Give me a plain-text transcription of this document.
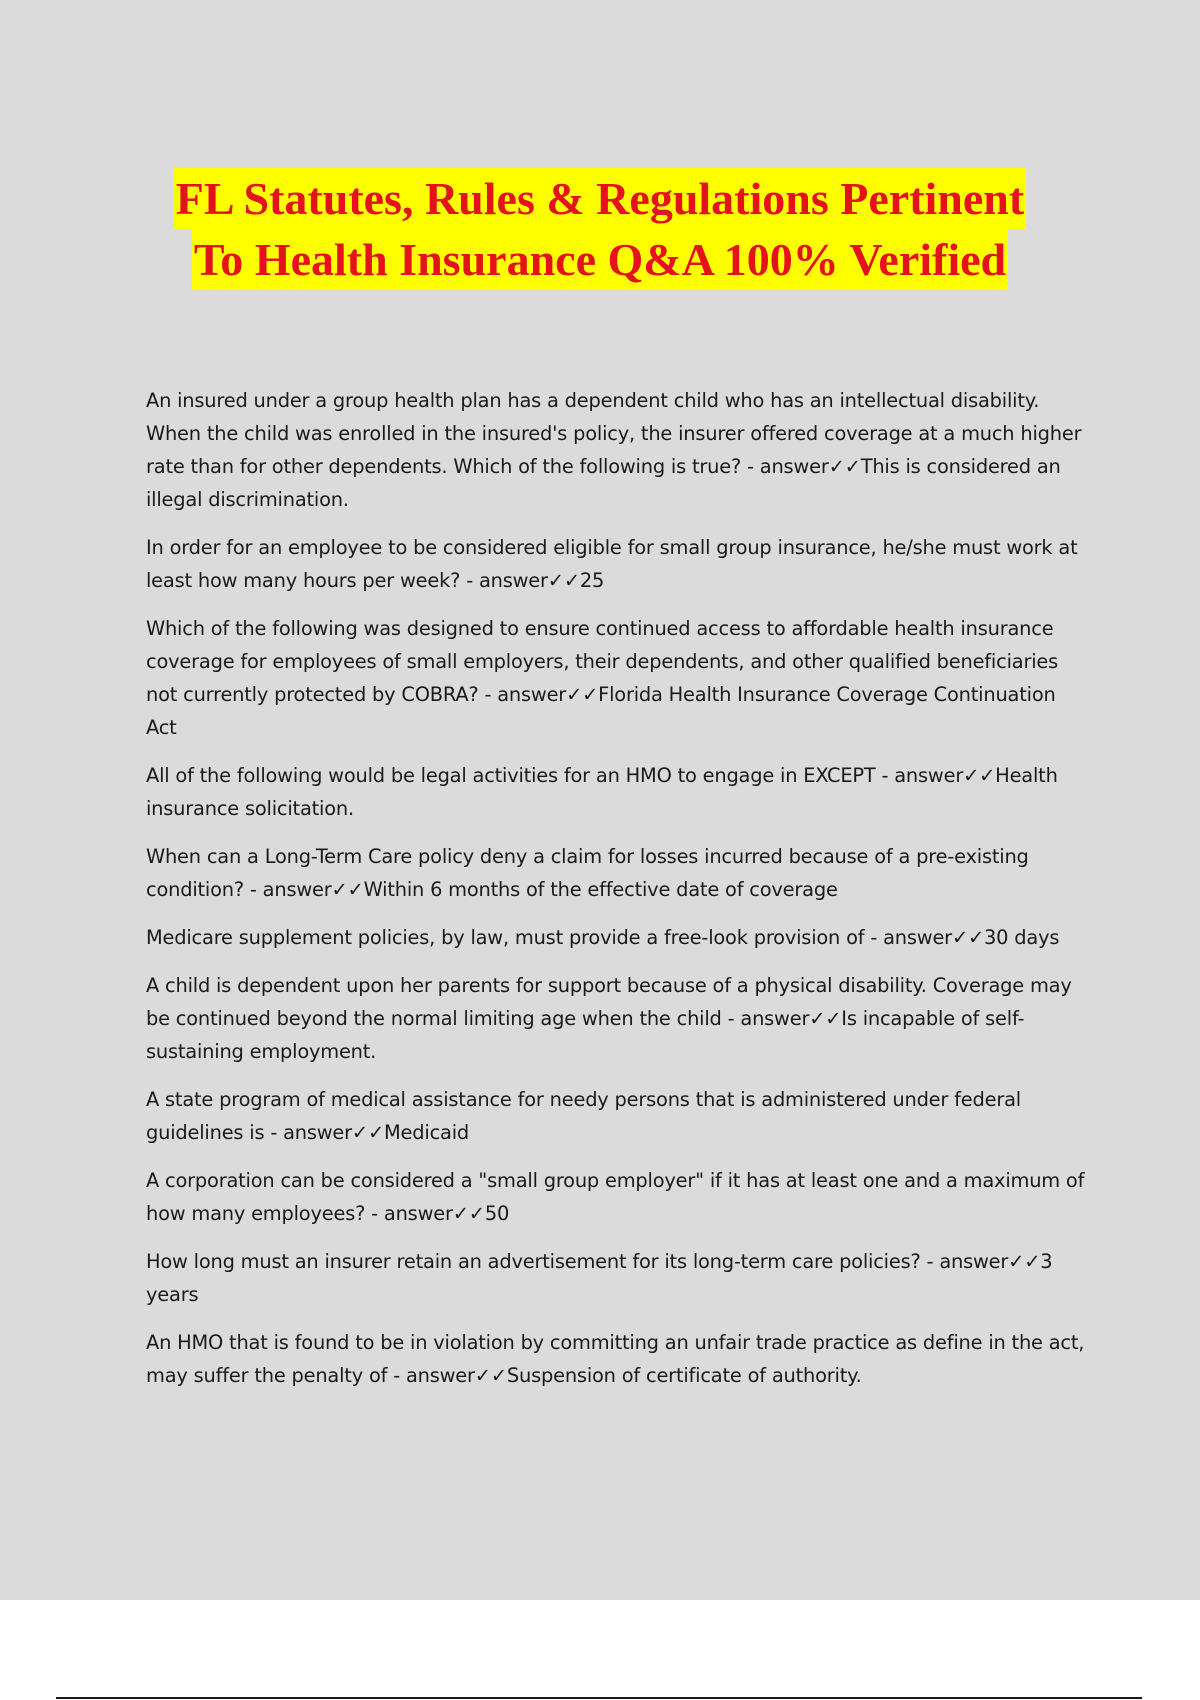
FL Statutes, Rules & Regulations Pertinent
To Health Insurance Q&A 100% Verified
An insured under a group health plan has a dependent child who has an intellectual disability. When the child was enrolled in the insured's policy, the insurer offered coverage at a much higher rate than for other dependents. Which of the following is true? - answer✓✓This is considered an illegal discrimination.
In order for an employee to be considered eligible for small group insurance, he/she must work at least how many hours per week? - answer✓✓25
Which of the following was designed to ensure continued access to affordable health insurance coverage for employees of small employers, their dependents, and other qualified beneficiaries not currently protected by COBRA? - answer✓✓Florida Health Insurance Coverage Continuation Act
All of the following would be legal activities for an HMO to engage in EXCEPT - answer✓✓Health insurance solicitation.
When can a Long-Term Care policy deny a claim for losses incurred because of a pre-existing condition? - answer✓✓Within 6 months of the effective date of coverage
Medicare supplement policies, by law, must provide a free-look provision of - answer✓✓30 days
A child is dependent upon her parents for support because of a physical disability. Coverage may be continued beyond the normal limiting age when the child - answer✓✓Is incapable of self-sustaining employment.
A state program of medical assistance for needy persons that is administered under federal guidelines is - answer✓✓Medicaid
A corporation can be considered a "small group employer" if it has at least one and a maximum of how many employees? - answer✓✓50
How long must an insurer retain an advertisement for its long-term care policies? - answer✓✓3 years
An HMO that is found to be in violation by committing an unfair trade practice as define in the act, may suffer the penalty of - answer✓✓Suspension of certificate of authority.
